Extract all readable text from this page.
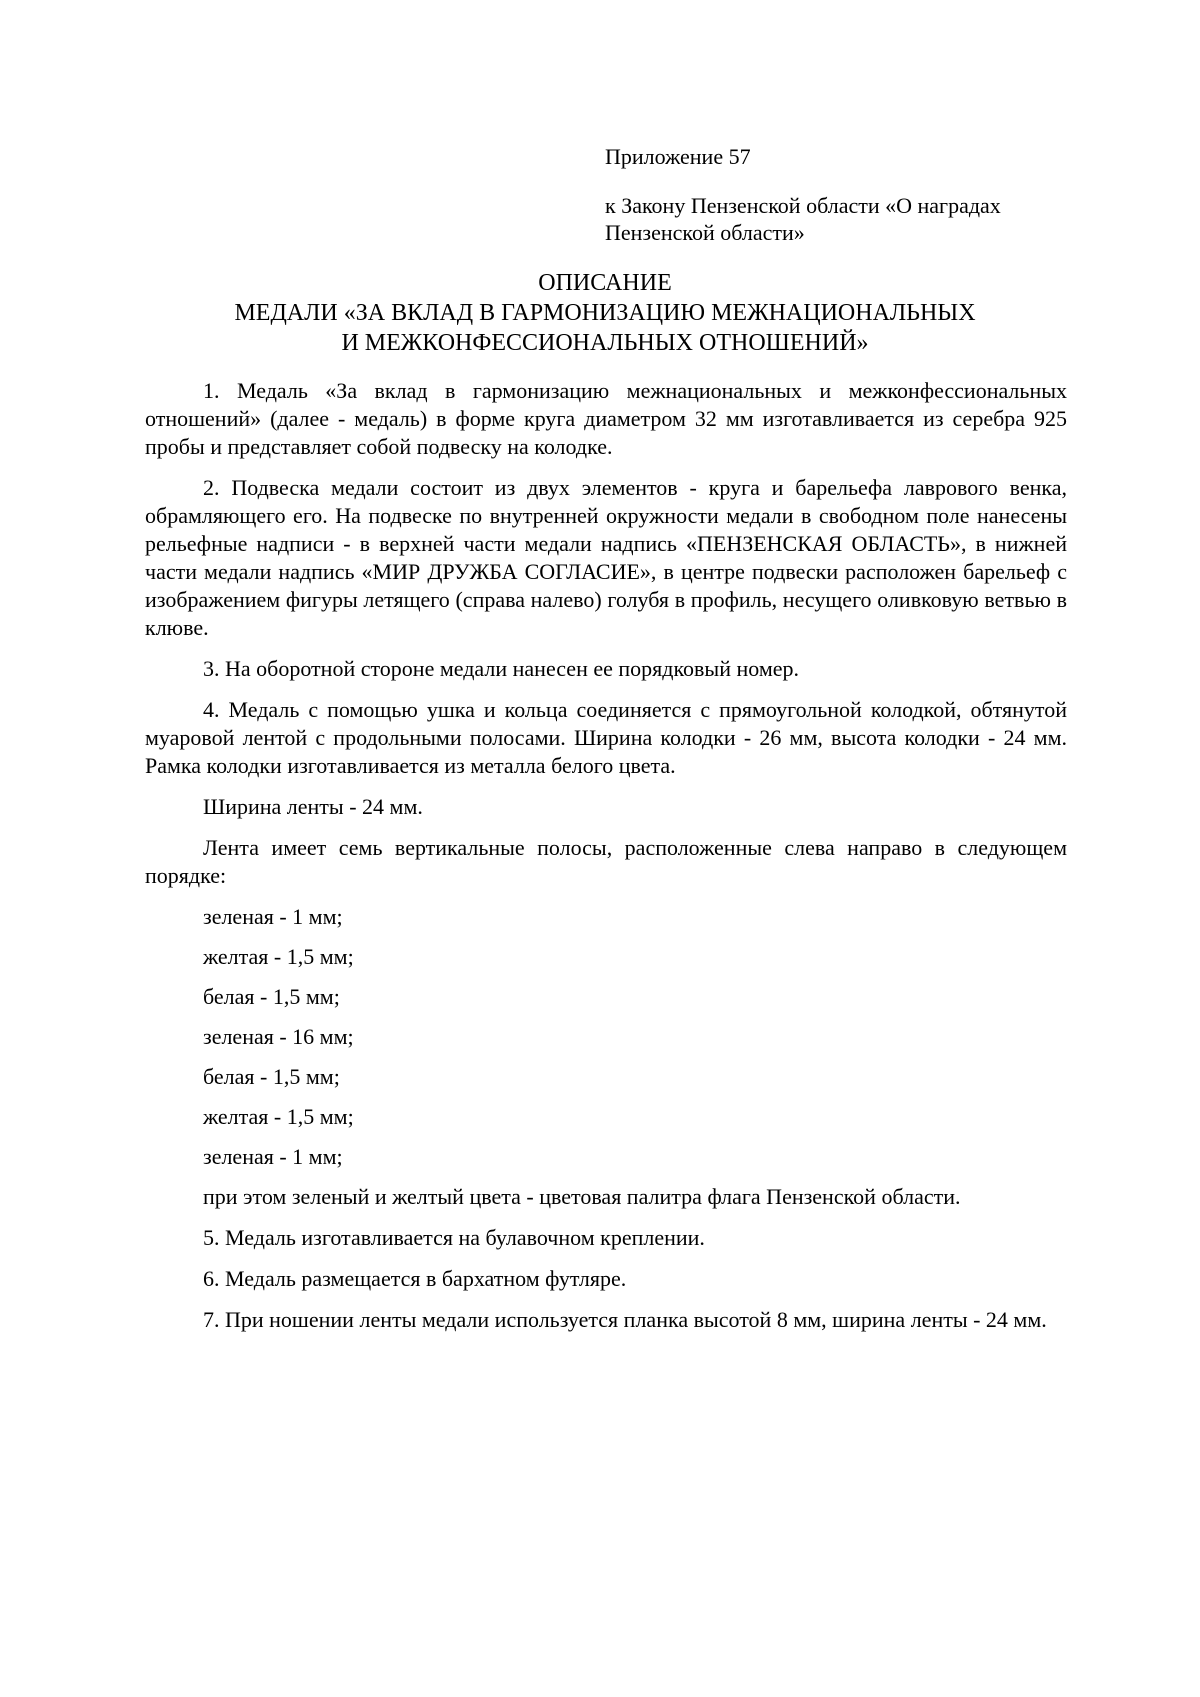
Приложение 57
к Закону Пензенской области «О наградах
Пензенской области»
ОПИСАНИЕ
МЕДАЛИ «ЗА ВКЛАД В ГАРМОНИЗАЦИЮ МЕЖНАЦИОНАЛЬНЫХ
И МЕЖКОНФЕССИОНАЛЬНЫХ ОТНОШЕНИЙ»

1. Медаль «За вклад в гармонизацию межнациональных и межконфессиональных отношений» (далее - медаль) в форме круга диаметром 32 мм изготавливается из серебра 925 пробы и представляет собой подвеску на колодке.

2. Подвеска медали состоит из двух элементов - круга и барельефа лаврового венка, обрамляющего его. На подвеске по внутренней окружности медали в свободном поле нанесены рельефные надписи - в верхней части медали надпись «ПЕНЗЕНСКАЯ ОБЛАСТЬ», в нижней части медали надпись «МИР ДРУЖБА СОГЛАСИЕ», в центре подвески расположен барельеф с изображением фигуры летящего (справа налево) голубя в профиль, несущего оливковую ветвью в клюве.

3. На оборотной стороне медали нанесен ее порядковый номер.

4. Медаль с помощью ушка и кольца соединяется с прямоугольной колодкой, обтянутой муаровой лентой с продольными полосами. Ширина колодки - 26 мм, высота колодки - 24 мм. Рамка колодки изготавливается из металла белого цвета.

Ширина ленты - 24 мм.

Лента имеет семь вертикальные полосы, расположенные слева направо в следующем порядке:

зеленая - 1 мм;

желтая - 1,5 мм;

белая - 1,5 мм;

зеленая - 16 мм;

белая - 1,5 мм;

желтая - 1,5 мм;

зеленая - 1 мм;

при этом зеленый и желтый цвета - цветовая палитра флага Пензенской области.

5. Медаль изготавливается на булавочном креплении.

6. Медаль размещается в бархатном футляре.

7. При ношении ленты медали используется планка высотой 8 мм, ширина ленты - 24 мм.
